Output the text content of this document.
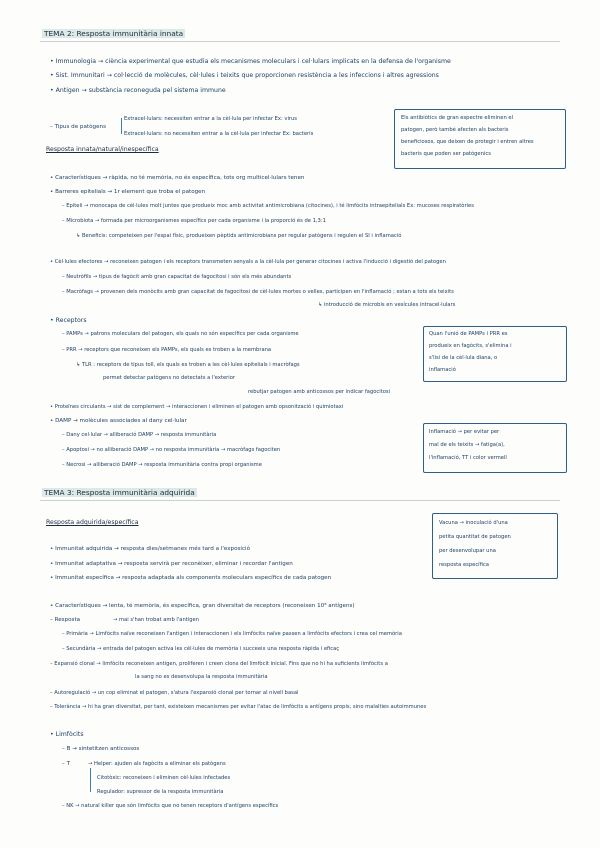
TEMA 2: Resposta immunitària innata
• Immunologia → ciència experimental que estudia els mecanismes moleculars i cel·lulars implicats en la defensa de l'organisme
• Sist. Immunitari → col·lecció de molècules, cèl·lules i teixits que proporcionen resistència a les infeccions i altres agressions
• Antigen → substància reconeguda pel sistema immune
– Tipus de patògens
Extracel·lulars: necessiten entrar a la cèl·lula per infectar Ex: virus
Extracel·lulars: no necessiten entrar a la cèl·lula per infectar Ex: bacteris
Els antibiòtics de gran espectre eliminen el
patogen, però també afecten als bacteris
beneficiosos, que deixen de protegir i entren altres
bacteris que poden ser patògenics
Resposta innata/natural/inespecífica
• Característiques → ràpida, no té memòria, no és específica, tots org multicel·lulars tenen
• Barreres epitelials → 1r element que troba el patogen
– Epiteli → monocapa de cèl·lules molt juntes que produeix moc amb activitat antimicrobiana (citocines), i té limfòcits intraepitelials Ex: mucoses respiratòries
– Microbiota → formada per microorganismes específics per cada organisme i la proporció és de 1,3:1
↳ Beneficis: competeixen per l'espai físic, produeixen pèptids antimicrobians per regular patògens i regulen el SI i inflamació
• Cèl·lules efectores → reconeixen patogen i els receptors transmeten senyals a la cèl·lula per generar citocines i activa l'inducció i digestió del patogen
– Neutròfils → tipus de fagòcit amb gran capacitat de fagocitosi i són els més abundants
– Macròfags → provenen dels monòcits amb gran capacitat de fagocitosi de cèl·lules mortes o velles, participen en l'inflamació ; estan a tots els teixits
↳ introducció de microbis en vesícules intracel·lulars
• Receptors
– PAMPs → patrons moleculars del patogen, els quals no són específics per cada organisme
– PRR → receptors que reconeixen els PAMPs, els quals es troben a la membrana
↳ TLR : receptors de tipus toll, els quals es troben a les cèl·lules epitelials i macròfags
permet detectar patògens no detectats a l'exterior
rebutjar patogen amb anticossos per indicar fagocitosi
• Proteïnes circulants → sist de complement → interaccionen i eliminen el patogen amb opsonització i quimiotaxi
• DAMP → molècules associades al dany cel·lular
– Dany cel·lular → alliberació DAMP → resposta immunitària
– Apoptosi → no alliberació DAMP → no resposta immunitària → macròfags fagociten
– Necrosi → alliberació DAMP → resposta immunitària contra propi organisme
Quan l'unió de PAMPs i PRR es
produeix en fagòcits, s'elimina i
s'lisi de la cèl·lula diana, o
inflamació
Inflamació → per evitar per
mal de els teixits → fatiga(a),
l'inflamació, TT i color vermell
TEMA 3: Resposta immunitària adquirida
Resposta adquirida/específica	Vacuna → inoculació d'una
petita quantitat de patogen
per desenvolupar una
resposta específica
• Immunitat adquirida → resposta dies/setmanes més tard a l'exposició
• Immunitat adaptativa → resposta servirà per reconèixer, eliminar i recordar l'antigen
• Immunitat específica → resposta adaptada als components moleculars específics de cada patogen
• Característiques → lenta, té memòria, és específica, gran diversitat de receptors (reconeixen 10⁸ antígens)
– Resposta	→ mai s'han trobat amb l'antigen
– Primària → Limfòcits naïve reconeixen l'antigen i interaccionen i els limfòcits naïve passen a limfòcits efectors i crea cel memòria
– Secundària → entrada del patogen activa les cèl·lules de memòria i succeeix una resposta ràpida i eficaç
– Expansió clonal → limfòcits reconeixen antigen, proliferen i creen clons del limfòcit inicial. Fins que no hi ha suficients limfòcits a
la sang no es desenvolupa la resposta immunitària
– Autoregulació → un cop eliminat el patogen, s'atura l'expansió clonal per tornar al nivell basal
– Tolerància → hi ha gran diversitat, per tant, existeixen mecanismes per evitar l'atac de limfòcits a antígens propis, sino malalties autoimmunes
• Limfòcits
– B → sintetitzen anticossos
– T	→ Helper: ajuden als fagòcits a eliminar els patògens
Citotòxic: reconeixen i eliminen cèl·lules infectades
Regulador: supressor de la resposta immunitària
– NK → natural killer que són limfòcits que no tenen receptors d'antígens específics
